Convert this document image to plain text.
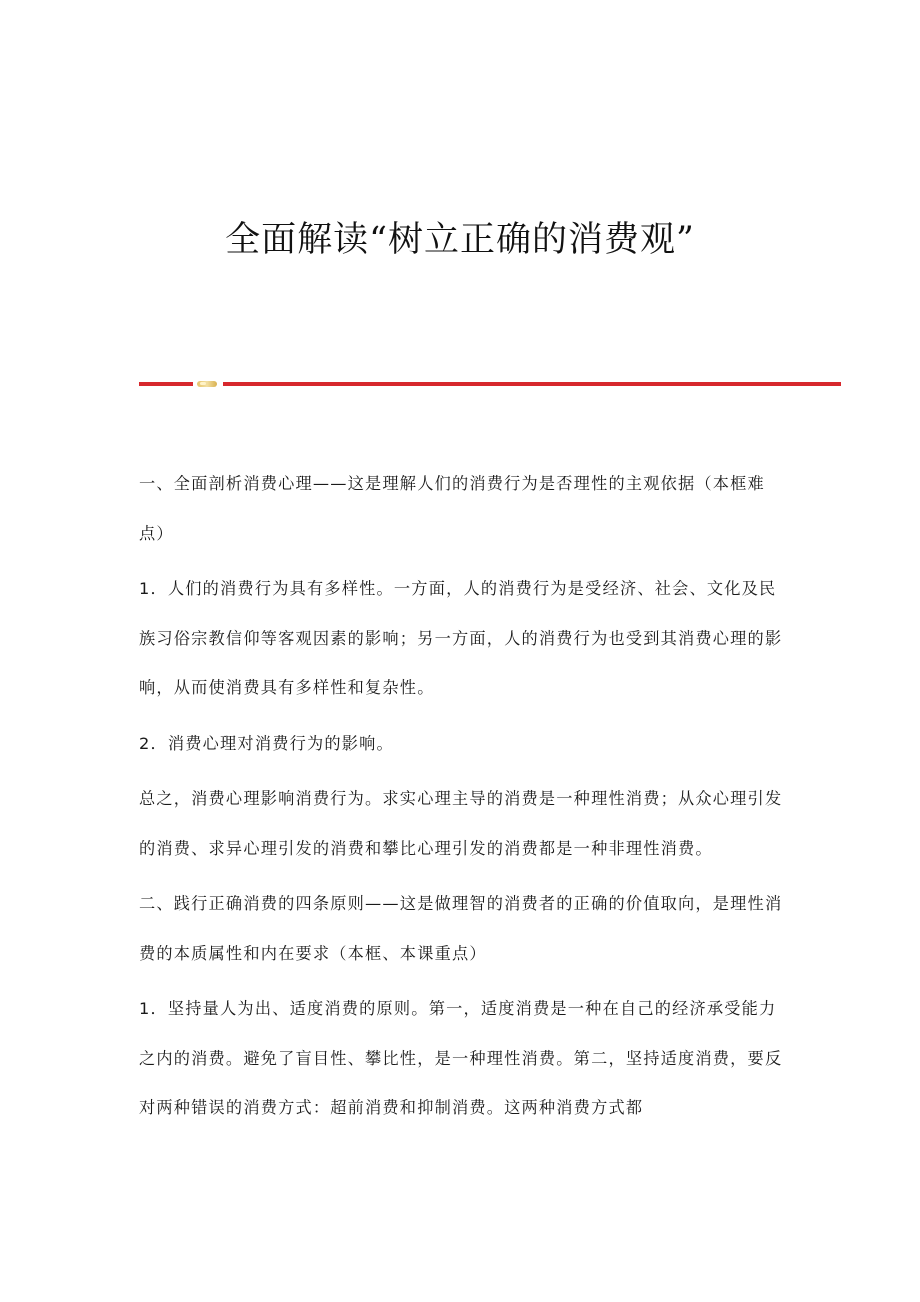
全面解读“树立正确的消费观”

一、全面剖析消费心理——这是理解人们的消费行为是否理性的主观依据（本框难点）

1．人们的消费行为具有多样性。一方面，人的消费行为是受经济、社会、文化及民族习俗宗教信仰等客观因素的影响；另一方面，人的消费行为也受到其消费心理的影响，从而使消费具有多样性和复杂性。

2．消费心理对消费行为的影响。

总之，消费心理影响消费行为。求实心理主导的消费是一种理性消费；从众心理引发的消费、求异心理引发的消费和攀比心理引发的消费都是一种非理性消费。

二、践行正确消费的四条原则——这是做理智的消费者的正确的价值取向，是理性消费的本质属性和内在要求（本框、本课重点）

1．坚持量人为出、适度消费的原则。第一，适度消费是一种在自己的经济承受能力之内的消费。避免了盲目性、攀比性，是一种理性消费。第二，坚持适度消费，要反对两种错误的消费方式：超前消费和抑制消费。这两种消费方式都
